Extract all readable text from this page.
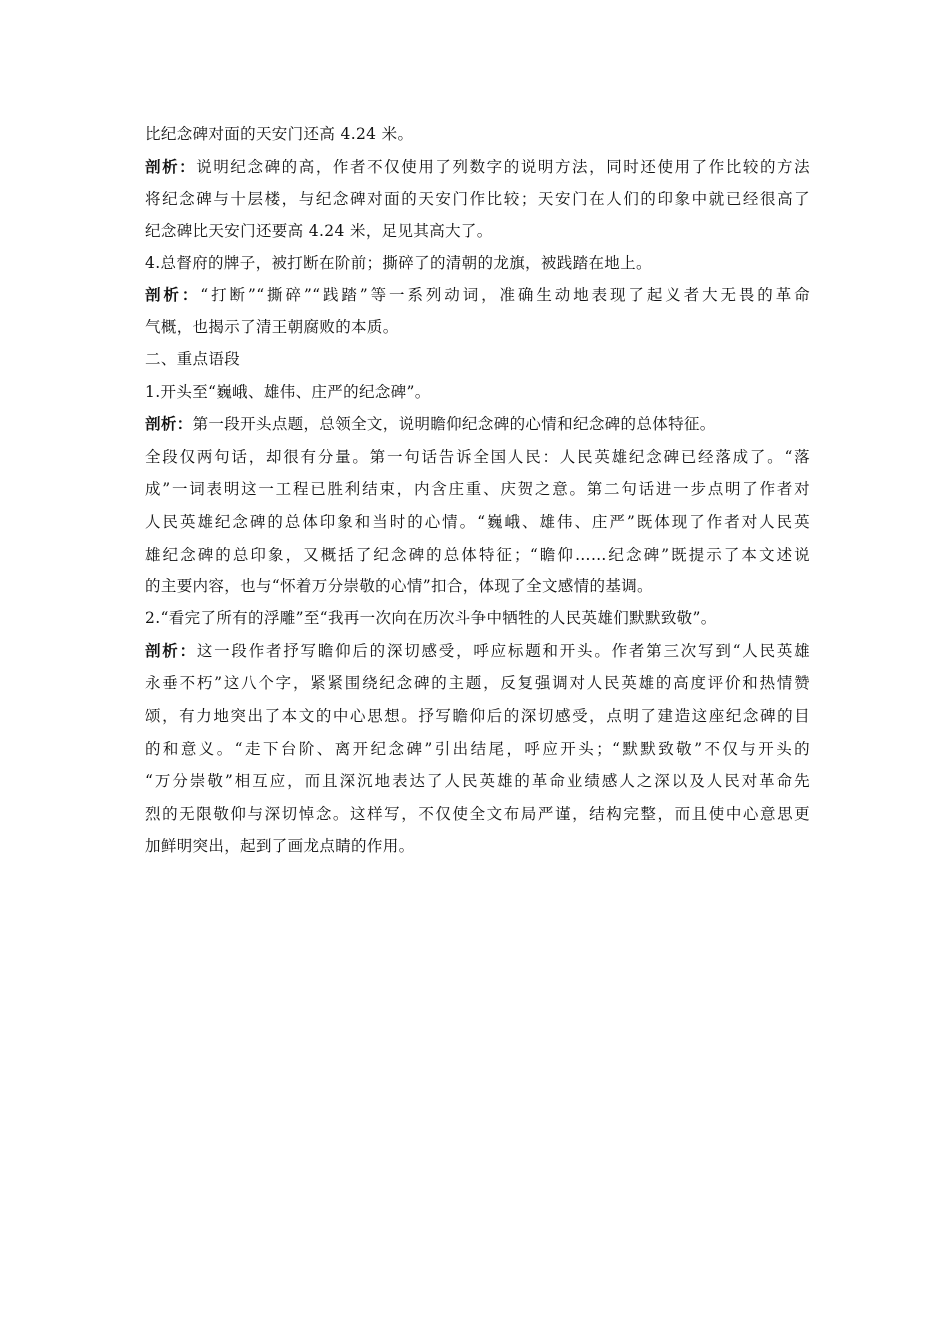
比纪念碑对面的天安门还高 4.24 米。
剖析：说明纪念碑的高，作者不仅使用了列数字的说明方法，同时还使用了作比较的方法
将纪念碑与十层楼，与纪念碑对面的天安门作比较；天安门在人们的印象中就已经很高了
纪念碑比天安门还要高 4.24 米，足见其高大了。
4.总督府的牌子，被打断在阶前；撕碎了的清朝的龙旗，被践踏在地上。
剖析：“打断”“撕碎”“践踏”等一系列动词，准确生动地表现了起义者大无畏的革命
气概，也揭示了清王朝腐败的本质。
二、重点语段
1.开头至“巍峨、雄伟、庄严的纪念碑”。
剖析：第一段开头点题，总领全文，说明瞻仰纪念碑的心情和纪念碑的总体特征。
全段仅两句话，却很有分量。第一句话告诉全国人民：人民英雄纪念碑已经落成了。“落
成”一词表明这一工程已胜利结束，内含庄重、庆贺之意。第二句话进一步点明了作者对
人民英雄纪念碑的总体印象和当时的心情。“巍峨、雄伟、庄严”既体现了作者对人民英
雄纪念碑的总印象，又概括了纪念碑的总体特征；“瞻仰……纪念碑”既提示了本文述说
的主要内容，也与“怀着万分崇敬的心情”扣合，体现了全文感情的基调。
2.“看完了所有的浮雕”至“我再一次向在历次斗争中牺牲的人民英雄们默默致敬”。
剖析：这一段作者抒写瞻仰后的深切感受，呼应标题和开头。作者第三次写到“人民英雄
永垂不朽”这八个字，紧紧围绕纪念碑的主题，反复强调对人民英雄的高度评价和热情赞
颂，有力地突出了本文的中心思想。抒写瞻仰后的深切感受，点明了建造这座纪念碑的目
的和意义。“走下台阶、离开纪念碑”引出结尾，呼应开头；“默默致敬”不仅与开头的
“万分崇敬”相互应，而且深沉地表达了人民英雄的革命业绩感人之深以及人民对革命先
烈的无限敬仰与深切悼念。这样写，不仅使全文布局严谨，结构完整，而且使中心意思更
加鲜明突出，起到了画龙点睛的作用。
